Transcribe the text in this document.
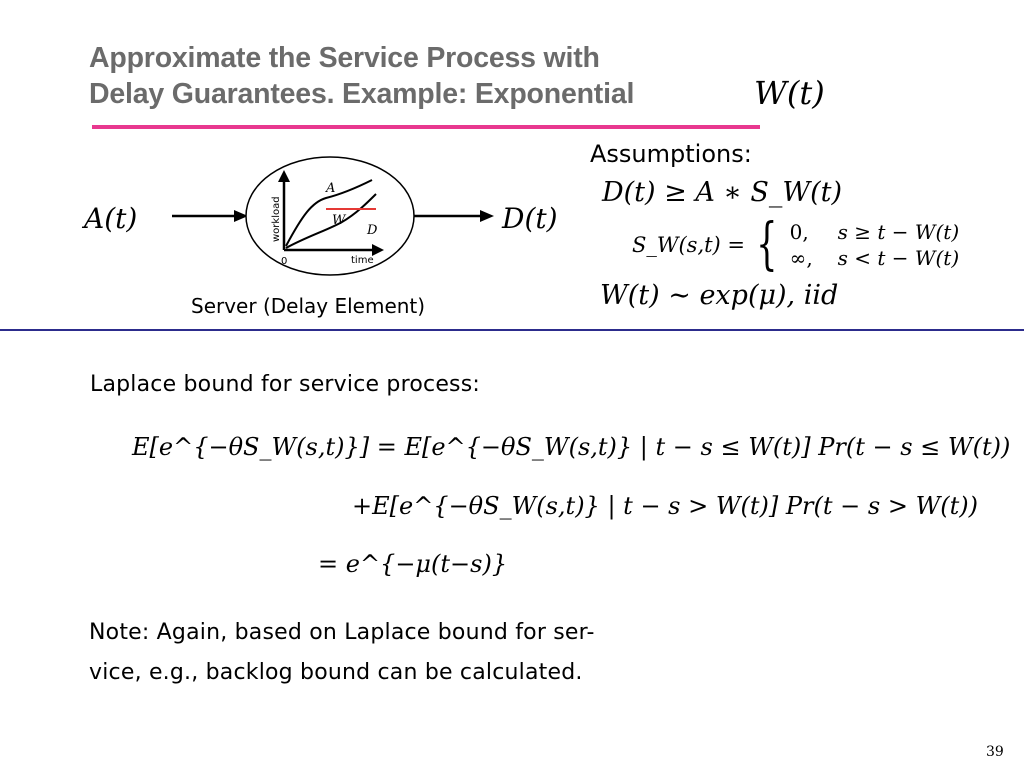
Approximate the Service Process with
Delay Guarantees. Example: Exponential	W(t)
A(t)	workload
time
0
A
W
D	D(t)
Server (Delay Element)
Assumptions:
D(t) ≥ A ∗ S_W(t)
S_W(s,t) = { 0,	s ≥ t − W(t)
∞,	s < t − W(t)
W(t) ∼ exp(μ), iid
Laplace bound for service process:
E[e^{−θS_W(s,t)}] = E[e^{−θS_W(s,t)} | t − s ≤ W(t)] Pr(t − s ≤ W(t))
+E[e^{−θS_W(s,t)} | t − s > W(t)] Pr(t − s > W(t))
= e^{−μ(t−s)}
Note: Again, based on Laplace bound for ser-
vice, e.g., backlog bound can be calculated.
39
